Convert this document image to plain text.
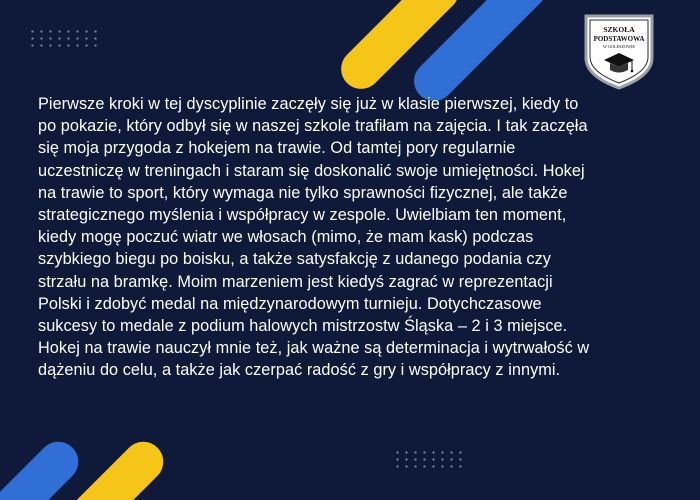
SZKOŁA
PODSTAWOWA
W GOLESZOWIE

Pierwsze kroki w tej dyscyplinie zaczęły się już w klasie pierwszej, kiedy to
po pokazie, który odbył się w naszej szkole trafiłam na zajęcia. I tak zaczęła
się moja przygoda z hokejem na trawie. Od tamtej pory regularnie
uczestniczę w treningach i staram się doskonalić swoje umiejętności. Hokej
na trawie to sport, który wymaga nie tylko sprawności fizycznej, ale także
strategicznego myślenia i współpracy w zespole. Uwielbiam ten moment,
kiedy mogę poczuć wiatr we włosach (mimo, że mam kask) podczas
szybkiego biegu po boisku, a także satysfakcję z udanego podania czy
strzału na bramkę. Moim marzeniem jest kiedyś zagrać w reprezentacji
Polski i zdobyć medal na międzynarodowym turnieju. Dotychczasowe
sukcesy to medale z podium halowych mistrzostw Śląska – 2 i 3 miejsce.
Hokej na trawie nauczył mnie też, jak ważne są determinacja i wytrwałość w
dążeniu do celu, a także jak czerpać radość z gry i współpracy z innymi.
